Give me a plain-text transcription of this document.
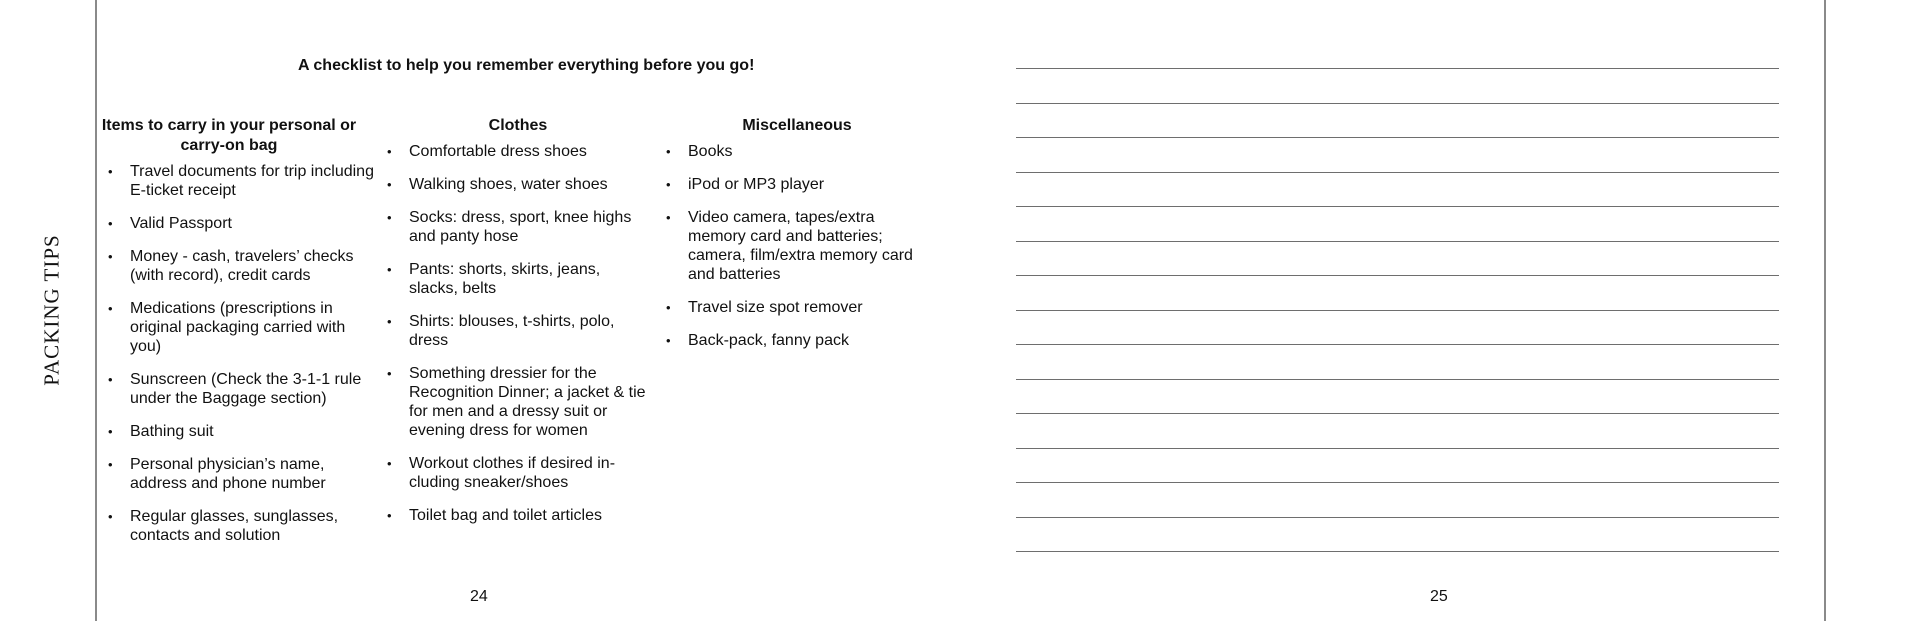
PACKING TIPS
A checklist to help you remember everything before you go!
Items to carry in your personal or carry-on bag
• Travel documents for trip including E-ticket receipt
• Valid Passport
• Money - cash, travelers’ checks (with record), credit cards
• Medications (prescriptions in original packaging carried with you)
• Sunscreen (Check the 3-1-1 rule under the Baggage section)
• Bathing suit
• Personal physician’s name, address and phone number
• Regular glasses, sunglasses, contacts and solution
Clothes
• Comfortable dress shoes
• Walking shoes, water shoes
• Socks: dress, sport, knee highs and panty hose
• Pants: shorts, skirts, jeans, slacks, belts
• Shirts: blouses, t-shirts, polo, dress
• Something dressier for the Recognition Dinner; a jacket & tie for men and a dressy suit or evening dress for women
• Workout clothes if desired in-cluding sneaker/shoes
• Toilet bag and toilet articles
Miscellaneous
• Books
• iPod or MP3 player
• Video camera, tapes/extra memory card and batteries; camera, film/extra memory card and batteries
• Travel size spot remover
• Back-pack, fanny pack
24	25
